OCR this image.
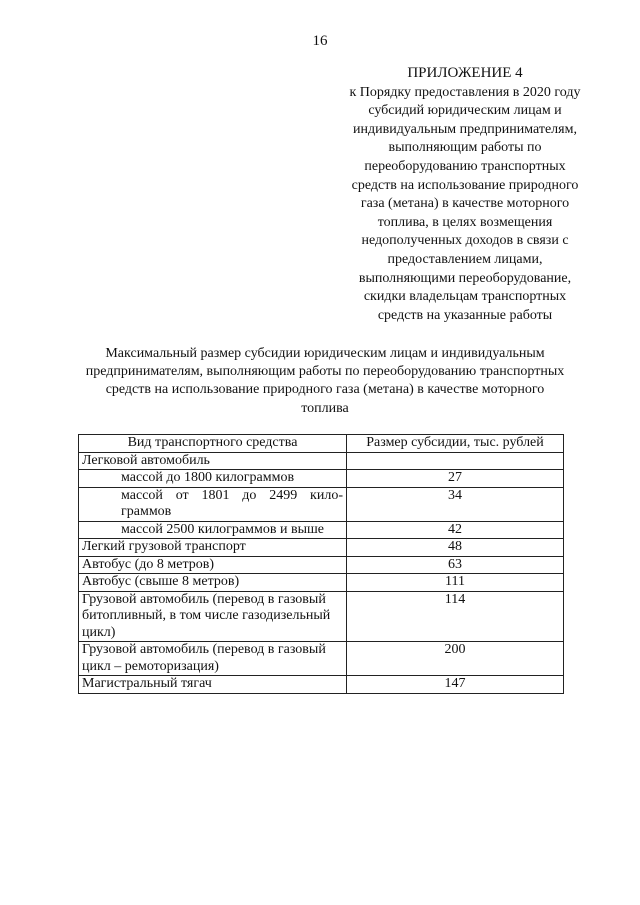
16
ПРИЛОЖЕНИЕ 4
к Порядку предоставления в 2020 году
субсидий юридическим лицам и
индивидуальным предпринимателям,
выполняющим работы по
переоборудованию транспортных
средств на использование природного
газа (метана) в качестве моторного
топлива, в целях возмещения
недополученных доходов в связи с
предоставлением лицами,
выполняющими переоборудование,
скидки владельцам транспортных
средств на указанные работы
Максимальный размер субсидии юридическим лицам и индивидуальным
предпринимателям, выполняющим работы по переоборудованию транспортных
средств на использование природного газа (метана) в качестве моторного
топлива
Вид транспортного средства	Размер субсидии, тыс. рублей
Легковой автомобиль	
массой до 1800 килограммов	27
массой от 1801 до 2499 кило-граммов	34
массой 2500 килограммов и выше	42
Легкий грузовой транспорт	48
Автобус (до 8 метров)	63
Автобус (свыше 8 метров)	111
Грузовой автомобиль (перевод в газовый битопливный, в том числе газодизельный цикл)	114
Грузовой автомобиль (перевод в газовый цикл – ремоторизация)	200
Магистральный тягач	147
